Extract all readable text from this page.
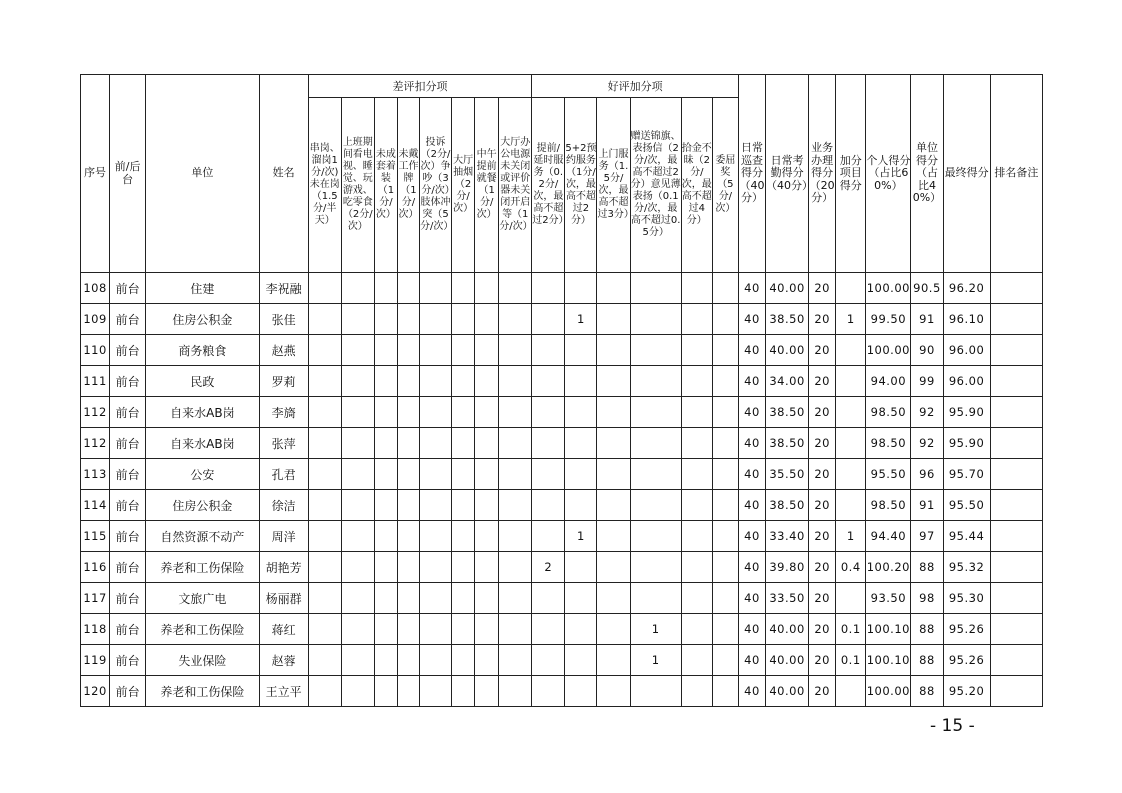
序号	前/后台	单位	姓名	差评扣分项								好评加分项						日常巡查得分（40分）	日常考勤得分（40分）	业务办理得分（20分）	加分项目得分	个人得分（占比60%）	单位得分（占比40%）	最终得分	排名备注
				串岗、溜岗1分/次)未在岗（1.5分/半天）	上班期间看电视、睡觉、玩游戏、吃零食（2分/次）	未成套着装（1分/次）	未戴工作牌（1分/次）	投诉（2分/次）争吵（3分/次）肢体冲突（5分/次）	大厅抽烟（2分/次）	中午提前就餐（1分/次）	大厅办公电源未关闭或评价器未关闭开启等（1分/次）	提前/延时服务（0.2分/次，最高不超过2分）	5+2预约服务（1分/次，最高不超过2分）	上门服务（1.5分/次，最高不超过3分）	赠送锦旗、表扬信（2分/次，最高不超过2分）意见薄表扬（0.1分/次，最高不超过0.5分）	拾金不昧（2分/次，最高不超过4分）	委屈奖（5分/次）								
108	前台	住建	李祝融															40	40.00	20		100.00	90.5	96.20	
109	前台	住房公积金	张佳										1					40	38.50	20	1	99.50	91	96.10	
110	前台	商务粮食	赵燕															40	40.00	20		100.00	90	96.00	
111	前台	民政	罗莉															40	34.00	20		94.00	99	96.00	
112	前台	自来水AB岗	李旖															40	38.50	20		98.50	92	95.90	
112	前台	自来水AB岗	张萍															40	38.50	20		98.50	92	95.90	
113	前台	公安	孔君															40	35.50	20		95.50	96	95.70	
114	前台	住房公积金	徐洁															40	38.50	20		98.50	91	95.50	
115	前台	自然资源不动产	周洋										1					40	33.40	20	1	94.40	97	95.44	
116	前台	养老和工伤保险	胡艳芳									2						40	39.80	20	0.4	100.20	88	95.32	
117	前台	文旅广电	杨丽群															40	33.50	20		93.50	98	95.30	
118	前台	养老和工伤保险	蒋红												1			40	40.00	20	0.1	100.10	88	95.26	
119	前台	失业保险	赵蓉												1			40	40.00	20	0.1	100.10	88	95.26	
120	前台	养老和工伤保险	王立平															40	40.00	20		100.00	88	95.20	
- 15 -
